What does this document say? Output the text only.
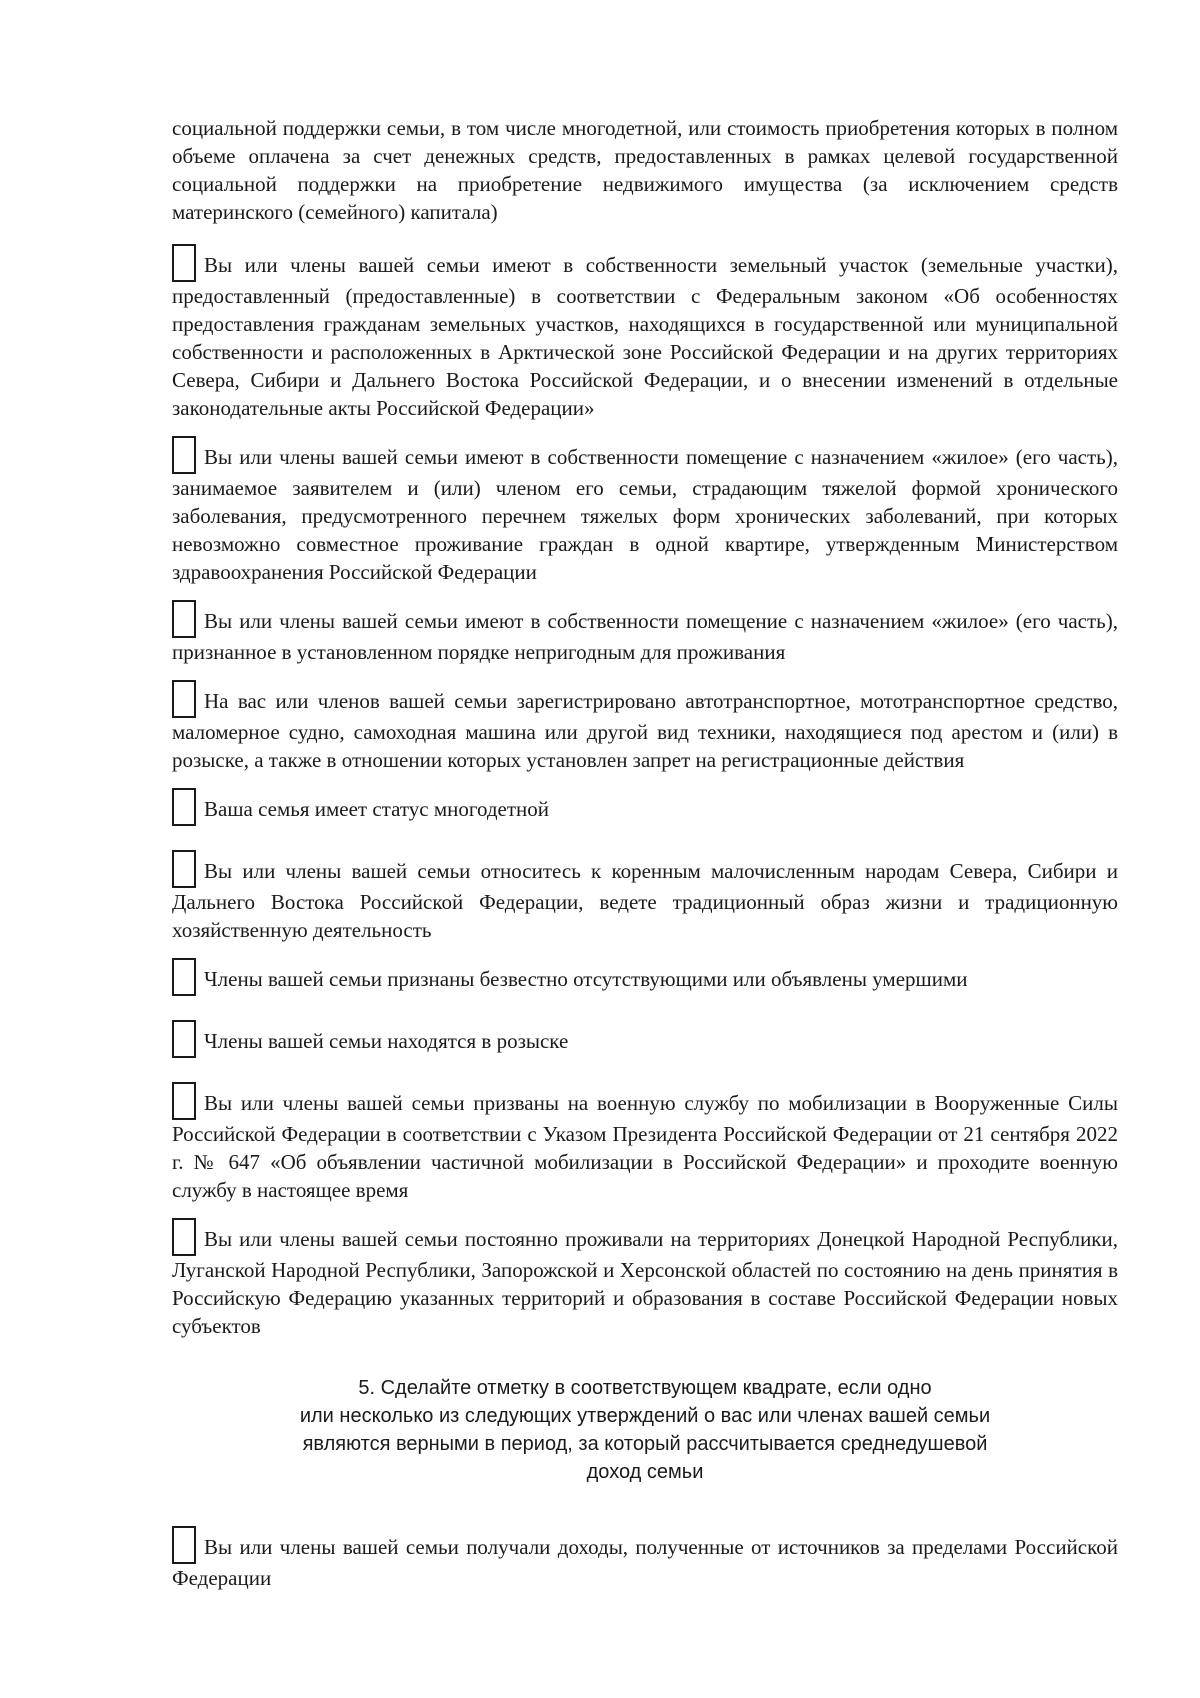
социальной поддержки семьи, в том числе многодетной, или стоимость приобретения которых в полном объеме оплачена за счет денежных средств, предоставленных в рамках целевой государственной социальной поддержки на приобретение недвижимого имущества (за исключением средств материнского (семейного) капитала)

Вы или члены вашей семьи имеют в собственности земельный участок (земельные участки), предоставленный (предоставленные) в соответствии с Федеральным законом «Об особенностях предоставления гражданам земельных участков, находящихся в государственной или муниципальной собственности и расположенных в Арктической зоне Российской Федерации и на других территориях Севера, Сибири и Дальнего Востока Российской Федерации, и о внесении изменений в отдельные законодательные акты Российской Федерации»
Вы или члены вашей семьи имеют в собственности помещение с назначением «жилое» (его часть), занимаемое заявителем и (или) членом его семьи, страдающим тяжелой формой хронического заболевания, предусмотренного перечнем тяжелых форм хронических заболеваний, при которых невозможно совместное проживание граждан в одной квартире, утвержденным Министерством здравоохранения Российской Федерации
Вы или члены вашей семьи имеют в собственности помещение с назначением «жилое» (его часть), признанное в установленном порядке непригодным для проживания
На вас или членов вашей семьи зарегистрировано автотранспортное, мототранспортное средство, маломерное судно, самоходная машина или другой вид техники, находящиеся под арестом и (или) в розыске, а также в отношении которых установлен запрет на регистрационные действия
Ваша семья имеет статус многодетной
Вы или члены вашей семьи относитесь к коренным малочисленным народам Севера, Сибири и Дальнего Востока Российской Федерации, ведете традиционный образ жизни и традиционную хозяйственную деятельность
Члены вашей семьи признаны безвестно отсутствующими или объявлены умершими
Члены вашей семьи находятся в розыске
Вы или члены вашей семьи призваны на военную службу по мобилизации в Вооруженные Силы Российской Федерации в соответствии с Указом Президента Российской Федерации от 21 сентября 2022 г. № 647 «Об объявлении частичной мобилизации в Российской Федерации» и проходите военную службу в настоящее время
Вы или члены вашей семьи постоянно проживали на территориях Донецкой Народной Республики, Луганской Народной Республики, Запорожской и Херсонской областей по состоянию на день принятия в Российскую Федерацию указанных территорий и образования в составе Российской Федерации новых субъектов
5. Сделайте отметку в соответствующем квадрате, если одно
или несколько из следующих утверждений о вас или членах вашей семьи
являются верными в период, за который рассчитывается среднедушевой
доход семьи
Вы или члены вашей семьи получали доходы, полученные от источников за пределами Российской Федерации
